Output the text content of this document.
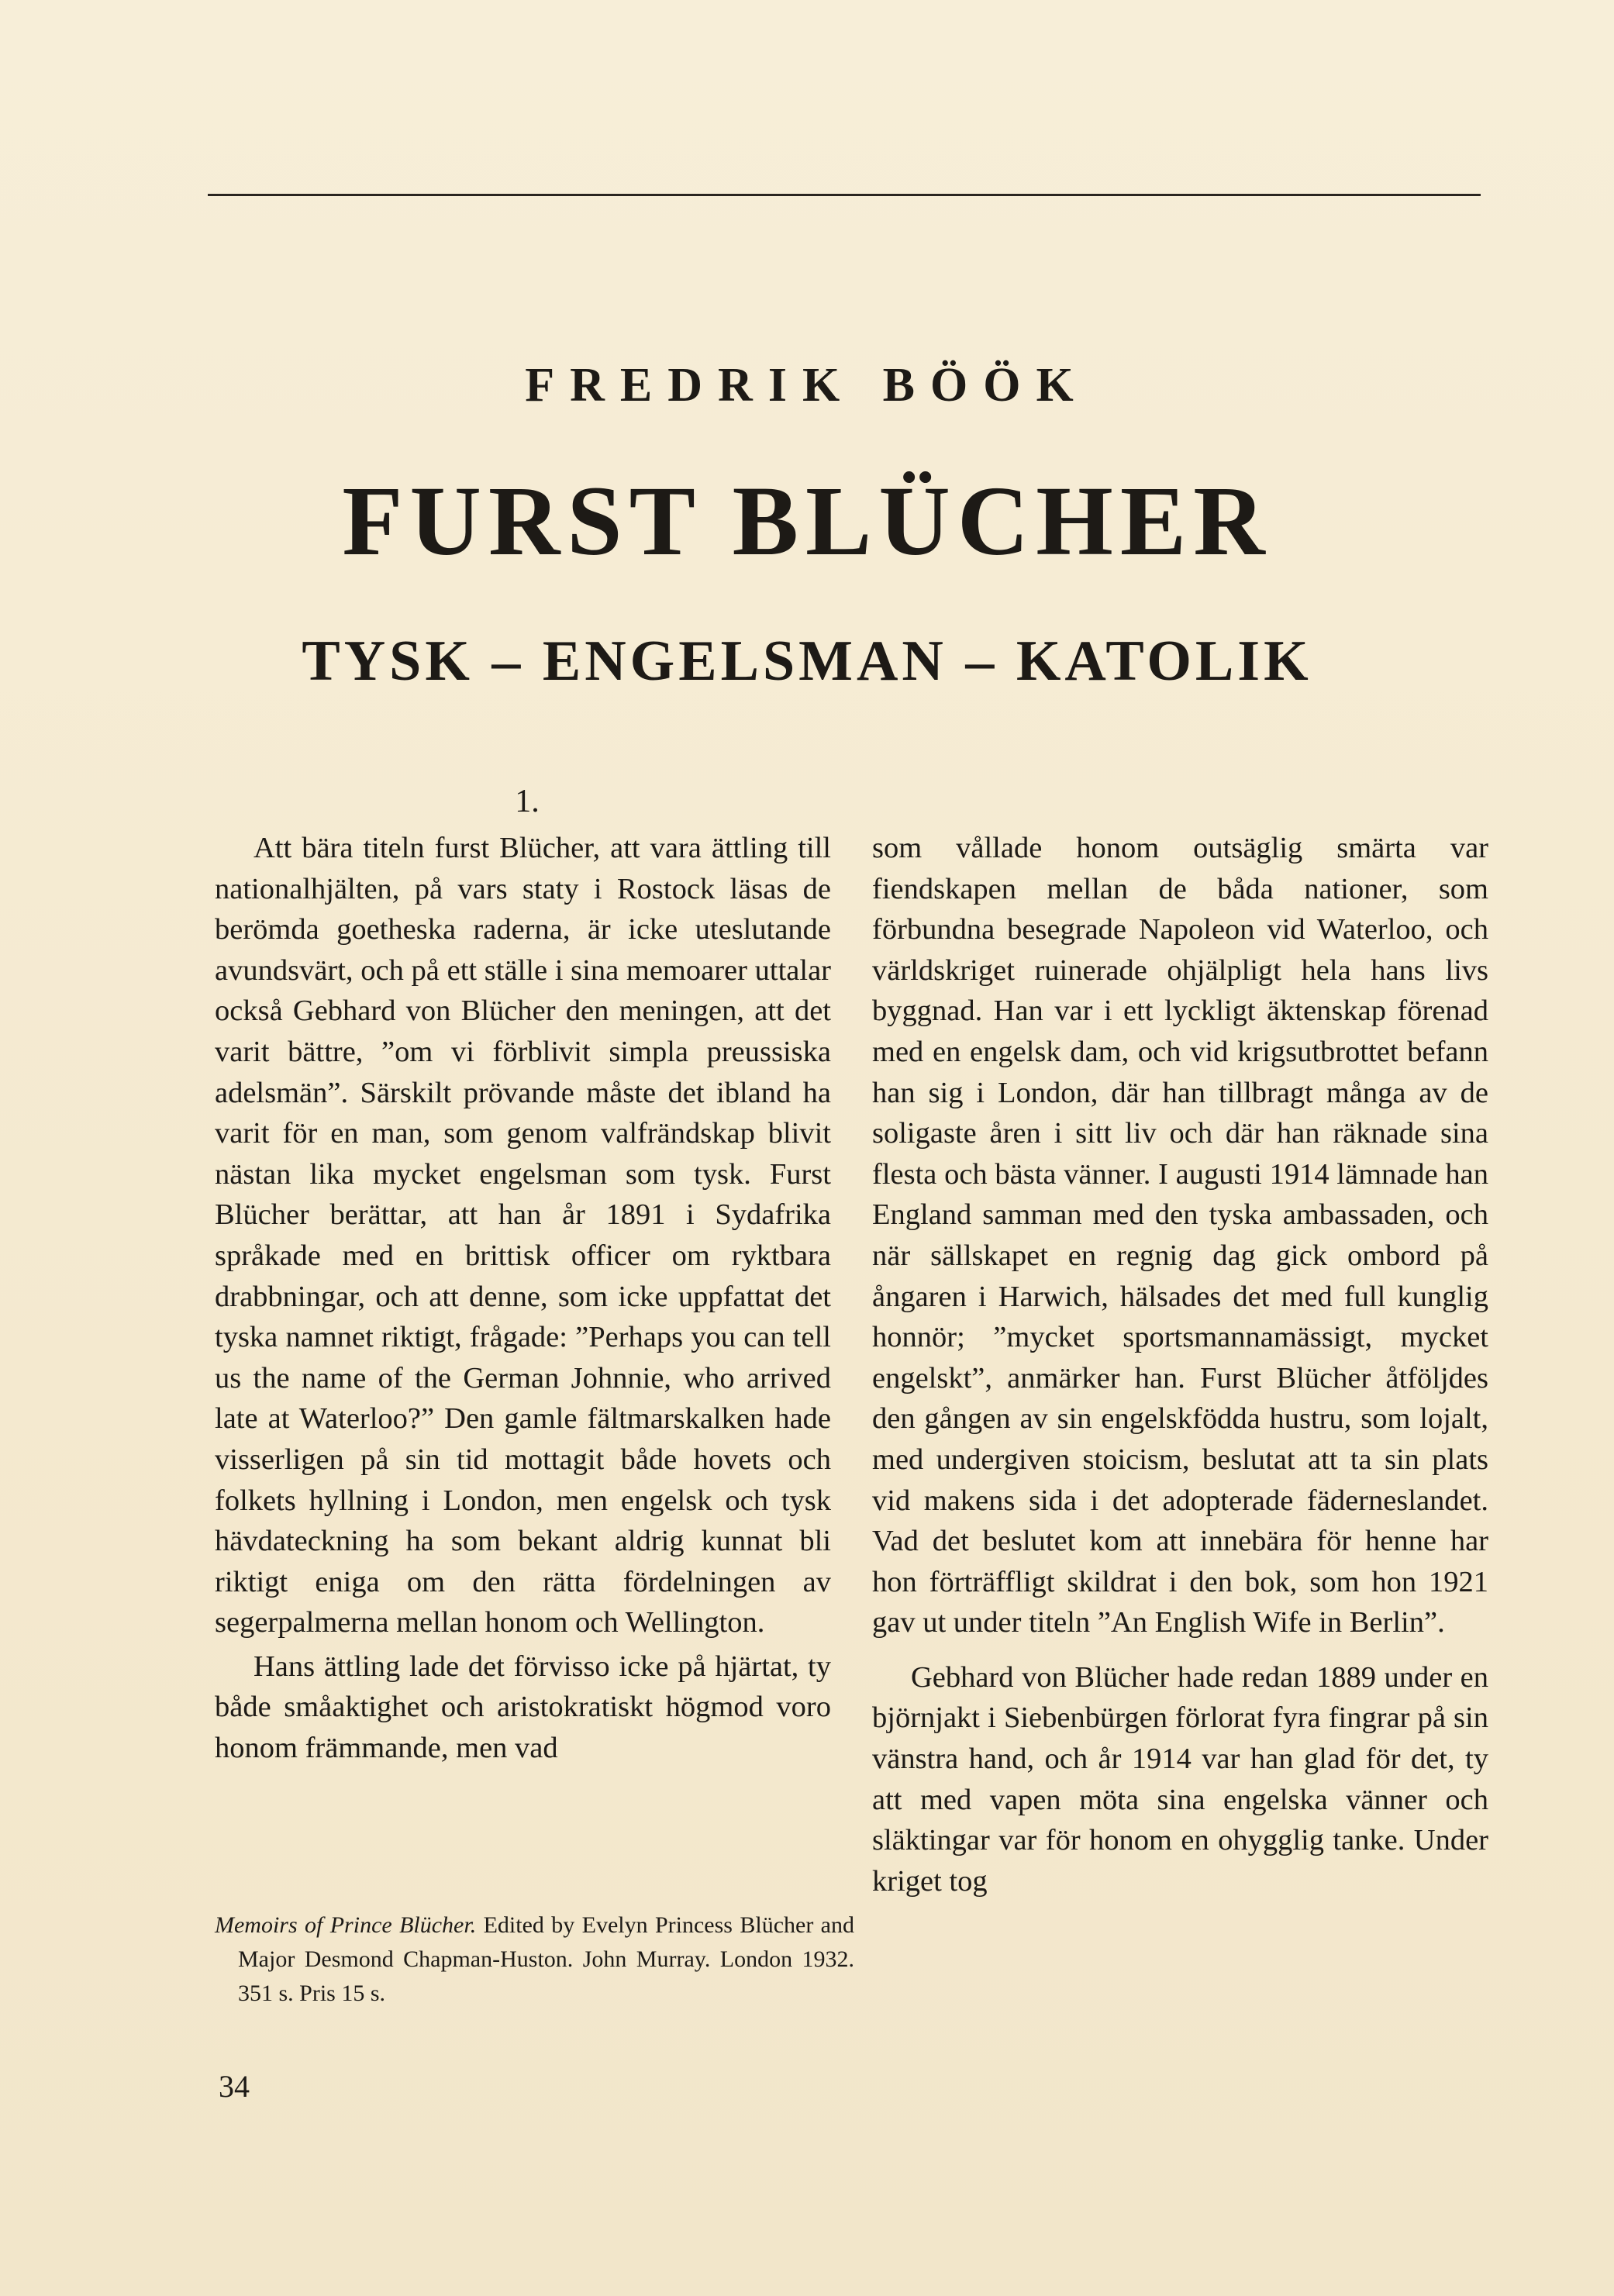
FREDRIK BÖÖK
FURST BLÜCHER
TYSK – ENGELSMAN – KATOLIK
1.

Att bära titeln furst Blücher, att vara ättling till nationalhjälten, på vars staty i Rostock läsas de berömda goetheska raderna, är icke uteslutande avundsvärt, och på ett ställe i sina memoarer uttalar också Gebhard von Blücher den meningen, att det varit bättre, ”om vi förblivit simpla preussiska adelsmän”. Särskilt prövande måste det ibland ha varit för en man, som genom valfrändskap blivit nästan lika mycket engelsman som tysk. Furst Blücher berättar, att han år 1891 i Sydafrika språkade med en brittisk officer om ryktbara drabbningar, och att denne, som icke uppfattat det tyska namnet riktigt, frågade: ”Perhaps you can tell us the name of the German Johnnie, who arrived late at Waterloo?” Den gamle fältmarskalken hade visserligen på sin tid mottagit både hovets och folkets hyllning i London, men engelsk och tysk hävdateckning ha som bekant aldrig kunnat bli riktigt eniga om den rätta fördelningen av segerpalmerna mellan honom och Wellington.

Hans ättling lade det förvisso icke på hjärtat, ty både småaktighet och aristokratiskt högmod voro honom främmande, men vad

som vållade honom outsäglig smärta var fiendskapen mellan de båda nationer, som förbundna besegrade Napoleon vid Waterloo, och världskriget ruinerade ohjälpligt hela hans livs byggnad. Han var i ett lyckligt äktenskap förenad med en engelsk dam, och vid krigsutbrottet befann han sig i London, där han tillbragt många av de soligaste åren i sitt liv och där han räknade sina flesta och bästa vänner. I augusti 1914 lämnade han England samman med den tyska ambassaden, och när sällskapet en regnig dag gick ombord på ångaren i Harwich, hälsades det med full kunglig honnör; ”mycket sportsmannamässigt, mycket engelskt”, anmärker han. Furst Blücher åtföljdes den gången av sin engelskfödda hustru, som lojalt, med undergiven stoicism, beslutat att ta sin plats vid makens sida i det adopterade fäderneslandet. Vad det beslutet kom att innebära för henne har hon förträffligt skildrat i den bok, som hon 1921 gav ut under titeln ”An English Wife in Berlin”.

Gebhard von Blücher hade redan 1889 under en björnjakt i Siebenbürgen förlorat fyra fingrar på sin vänstra hand, och år 1914 var han glad för det, ty att med vapen möta sina engelska vänner och släktingar var för honom en ohygglig tanke. Under kriget tog

Memoirs of Prince Blücher. Edited by Evelyn Princess Blücher and Major Desmond Chapman-Huston. John Murray. London 1932. 351 s. Pris 15 s.

34
